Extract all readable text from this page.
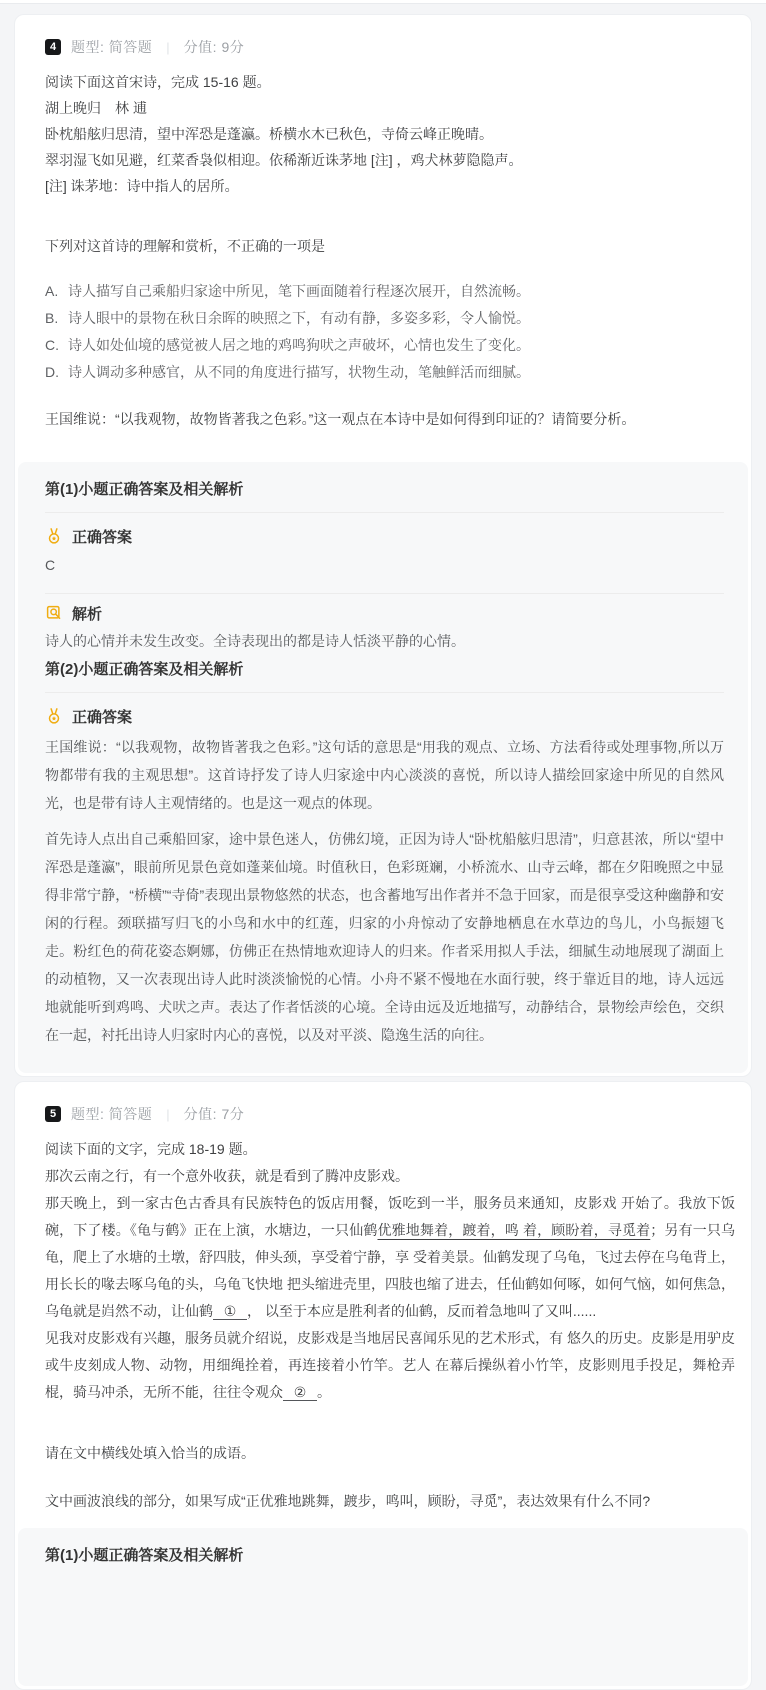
4	题型: 简答题 | 分值: 9分

阅读下面这首宋诗，完成 15-16 题。

湖上晚归　林 逋

卧枕船舷归思清，望中浑恐是蓬瀛。桥横水木已秋色，寺倚云峰正晚晴。

翠羽湿飞如见避，红菜香袅似相迎。依稀渐近诛茅地 [注] ，鸡犬林萝隐隐声。

[注] 诛茅地：诗中指人的居所。

下列对这首诗的理解和赏析，不正确的一项是

A. 诗人描写自己乘船归家途中所见，笔下画面随着行程逐次展开，自然流畅。
B. 诗人眼中的景物在秋日余晖的映照之下，有动有静，多姿多彩，令人愉悦。
C. 诗人如处仙境的感觉被人居之地的鸡鸣狗吠之声破坏，心情也发生了变化。
D. 诗人调动多种感官，从不同的角度进行描写，状物生动，笔触鲜活而细腻。

王国维说：“以我观物，故物皆著我之色彩。”这一观点在本诗中是如何得到印证的？请简要分析。

第(1)小题正确答案及相关解析
正确答案

C

解析

诗人的心情并未发生改变。全诗表现出的都是诗人恬淡平静的心情。

第(2)小题正确答案及相关解析
正确答案

王国维说：“以我观物，故物皆著我之色彩。”这句话的意思是“用我的观点、立场、方法看待或处理事物,所以万物都带有我的主观思想”。这首诗抒发了诗人归家途中内心淡淡的喜悦，所以诗人描绘回家途中所见的自然风光，也是带有诗人主观情绪的。也是这一观点的体现。

首先诗人点出自己乘船回家，途中景色迷人，仿佛幻境，正因为诗人“卧枕船舷归思清”，归意甚浓，所以“望中浑恐是蓬瀛”，眼前所见景色竟如蓬莱仙境。时值秋日，色彩斑斓，小桥流水、山寺云峰，都在夕阳晚照之中显得非常宁静，“桥横”“寺倚”表现出景物悠然的状态，也含蓄地写出作者并不急于回家，而是很享受这种幽静和安闲的行程。颈联描写归飞的小鸟和水中的红莲，归家的小舟惊动了安静地栖息在水草边的鸟儿，小鸟振翅飞走。粉红色的荷花姿态婀娜，仿佛正在热情地欢迎诗人的归来。作者采用拟人手法，细腻生动地展现了湖面上的动植物，又一次表现出诗人此时淡淡愉悦的心情。小舟不紧不慢地在水面行驶，终于靠近目的地，诗人远远地就能听到鸡鸣、犬吠之声。表达了作者恬淡的心境。全诗由远及近地描写，动静结合，景物绘声绘色，交织在一起，衬托出诗人归家时内心的喜悦，以及对平淡、隐逸生活的向往。

5	题型: 简答题 | 分值: 7分

阅读下面的文字，完成 18-19 题。

那次云南之行，有一个意外收获，就是看到了腾冲皮影戏。

那天晚上，到一家古色古香具有民族特色的饭店用餐，饭吃到一半，服务员来通知，皮影戏 开始了。我放下饭碗，下了楼。《龟与鹤》正在上演，水塘边，一只仙鹤优雅地舞着，踱着，鸣 着，顾盼着，寻觅着；另有一只乌龟，爬上了水塘的土墩，舒四肢，伸头颈，享受着宁静，享 受着美景。仙鹤发现了乌龟，飞过去停在乌龟背上，用长长的喙去啄乌龟的头，乌龟飞快地 把头缩进壳里，四肢也缩了进去，任仙鹤如何啄，如何气恼，如何焦急，乌龟就是岿然不动，让仙鹤 ① ， 以至于本应是胜利者的仙鹤，反而着急地叫了又叫......

见我对皮影戏有兴趣，服务员就介绍说，皮影戏是当地居民喜闻乐见的艺术形式，有 悠久的历史。皮影是用驴皮或牛皮刻成人物、动物，用细绳拴着，再连接着小竹竿。艺人 在幕后操纵着小竹竿，皮影则甩手投足，舞枪弄棍，骑马冲杀，无所不能，往往令观众 ② 。

请在文中横线处填入恰当的成语。

文中画波浪线的部分，如果写成“正优雅地跳舞，踱步，鸣叫，顾盼，寻觅”，表达效果有什么不同?

第(1)小题正确答案及相关解析
